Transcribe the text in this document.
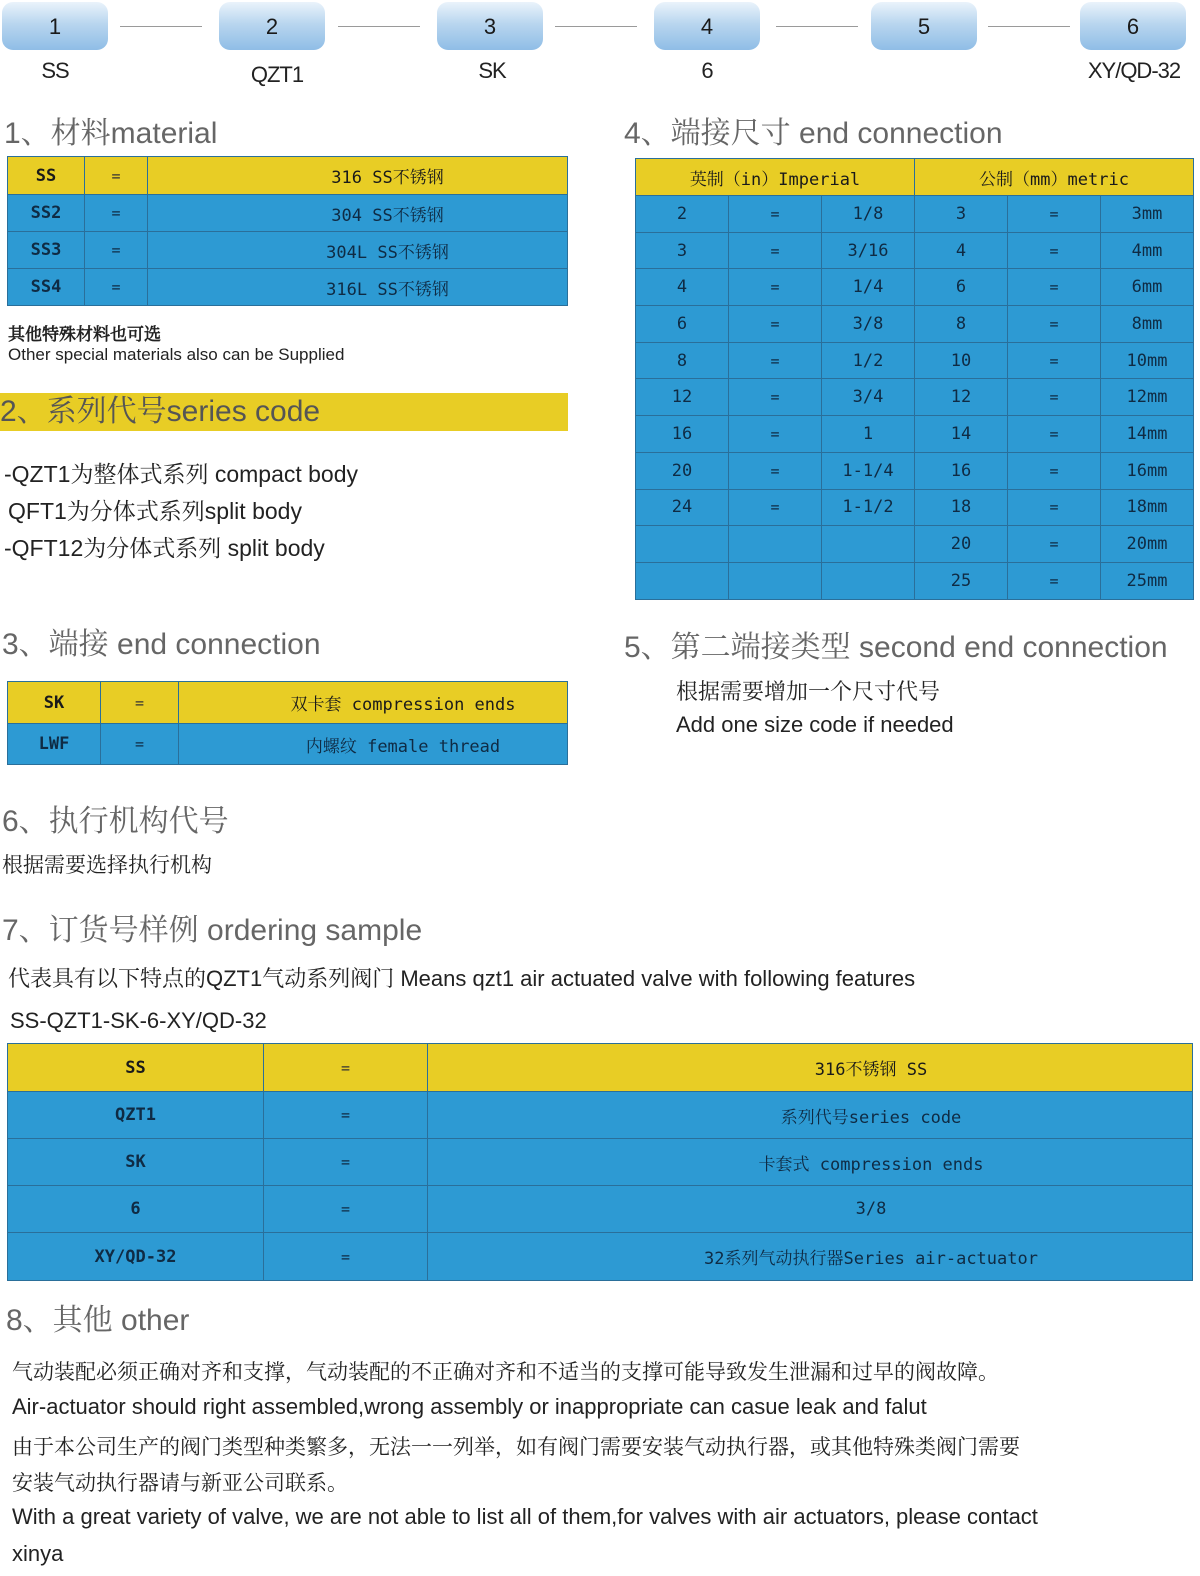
1	2	3	4	5	6
SS	QZT1	SK	6	XY/QD-32
1、材料material
SS	=	316 SS不锈钢
SS2	=	304 SS不锈钢
SS3	=	304L SS不锈钢
SS4	=	316L SS不锈钢
其他特殊材料也可选
Other special materials also can be Supplied
2、系列代号series code
-QZT1为整体式系列 compact body
QFT1为分体式系列split body
-QFT12为分体式系列 split body
3、端接 end connection
SK	=	双卡套 compression ends
LWF	=	内螺纹 female thread
4、端接尺寸 end connection
英制（in）Imperial			公制（mm）metric		
2	=	1/8	3	=	3mm
3	=	3/16	4	=	4mm
4	=	1/4	6	=	6mm
6	=	3/8	8	=	8mm
8	=	1/2	10	=	10mm
12	=	3/4	12	=	12mm
16	=	1	14	=	14mm
20	=	1-1/4	16	=	16mm
24	=	1-1/2	18	=	18mm
			20	=	20mm
			25	=	25mm
5、第二端接类型 second end connection
根据需要增加一个尺寸代号
Add one size code if needed
6、执行机构代号
根据需要选择执行机构
7、订货号样例 ordering sample
代表具有以下特点的QZT1气动系列阀门 Means qzt1 air actuated valve with following features
SS-QZT1-SK-6-XY/QD-32
SS	=	316不锈钢 SS
QZT1	=	系列代号series code
SK	=	卡套式 compression ends
6	=	3/8
XY/QD-32	=	32系列气动执行器Series air-actuator
8、其他 other
气动装配必须正确对齐和支撑，气动装配的不正确对齐和不适当的支撑可能导致发生泄漏和过早的阀故障。
Air-actuator should right assembled,wrong assembly or inappropriate can casue leak and falut
由于本公司生产的阀门类型种类繁多，无法一一列举，如有阀门需要安装气动执行器，或其他特殊类阀门需要
安装气动执行器请与新亚公司联系。
With a great variety of valve, we are not able to list all of them,for valves with air actuators, please contact
xinya
